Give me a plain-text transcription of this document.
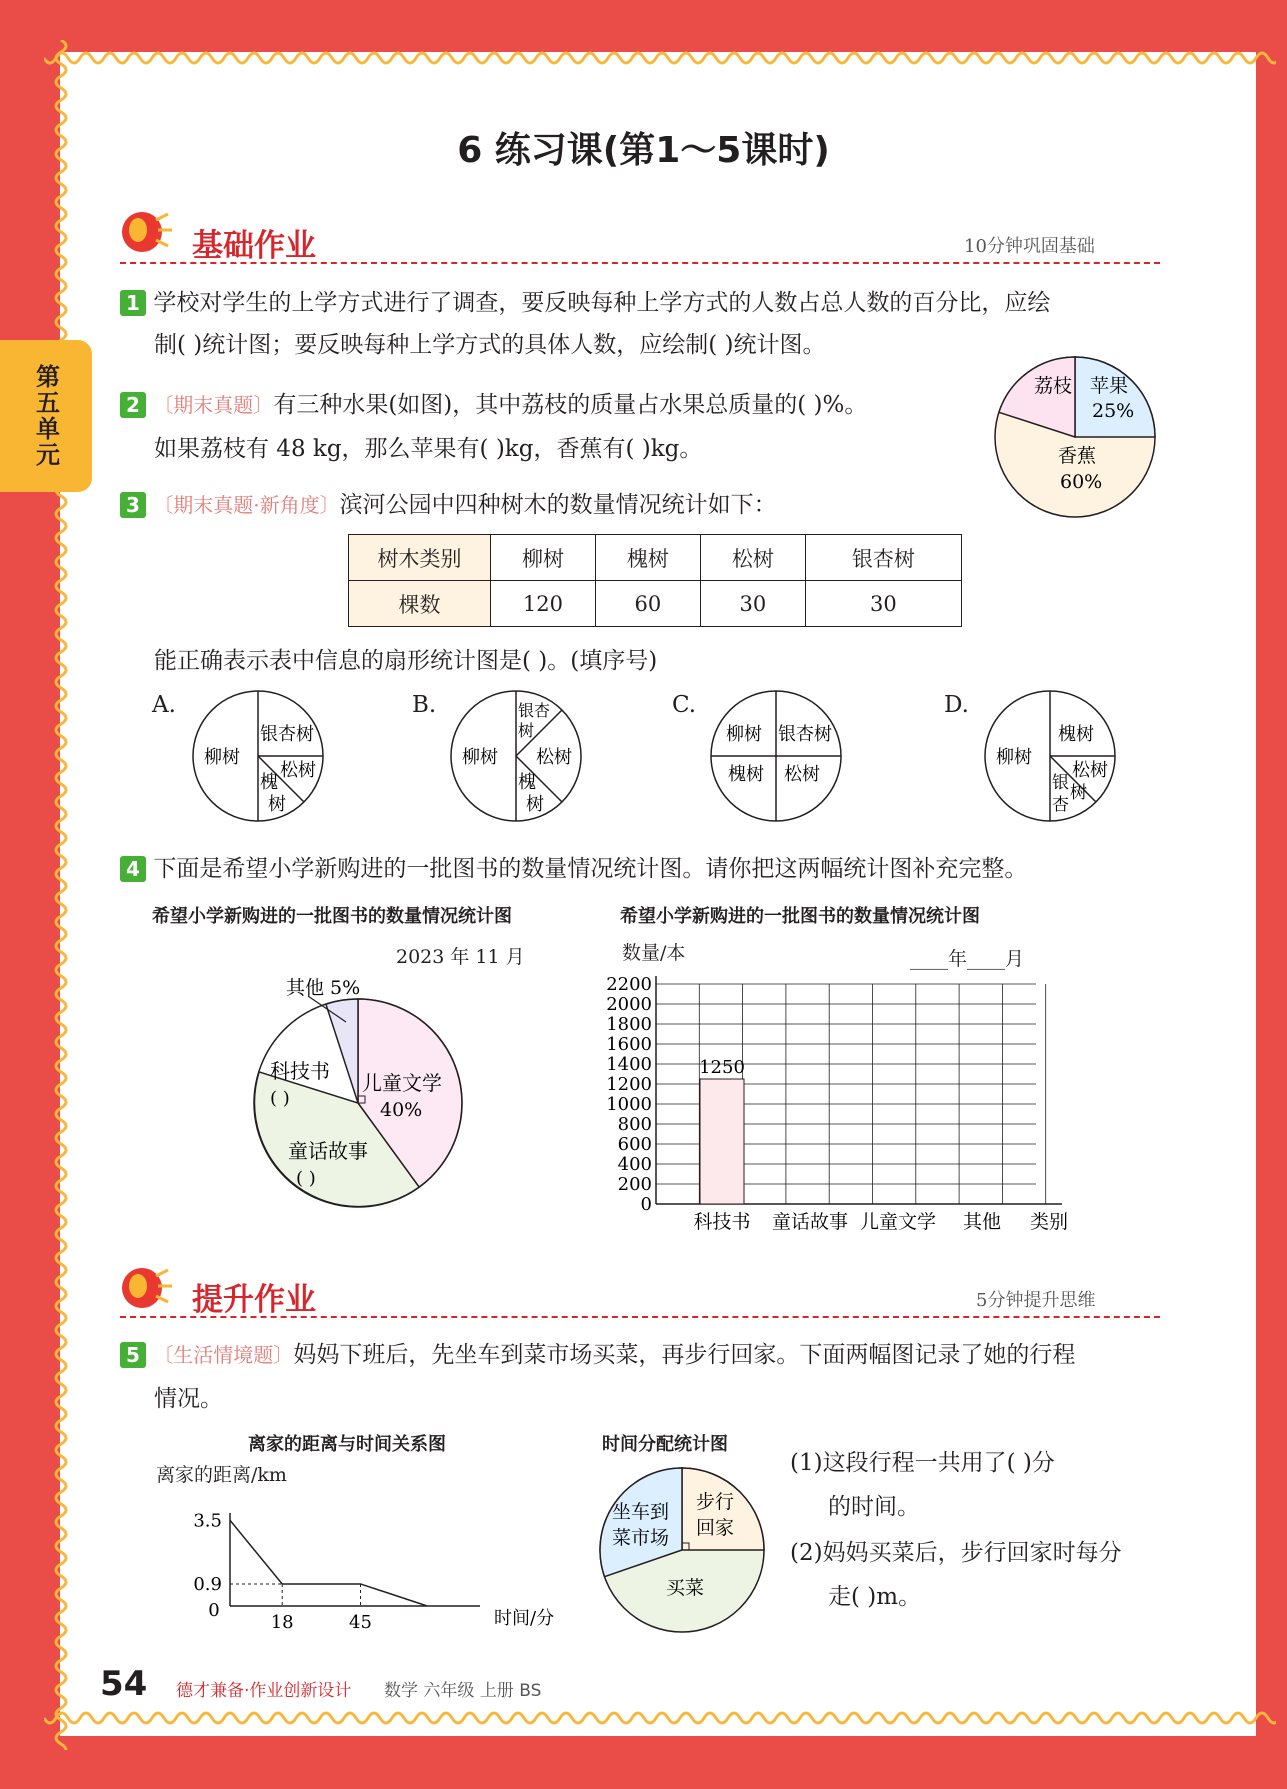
第五单元
6 练习课(第1～5课时)
基础作业	10分钟巩固基础
1 学校对学生的上学方式进行了调查，要反映每种上学方式的人数占总人数的百分比，应绘
制( )统计图；要反映每种上学方式的具体人数，应绘制( )统计图。
2 〔期末真题〕有三种水果(如图)，其中荔枝的质量占水果总质量的( )%。
如果荔枝有 48 kg，那么苹果有( )kg，香蕉有( )kg。
荔枝 苹果
25%
香蕉
60%
3 〔期末真题·新角度〕滨河公园中四种树木的数量情况统计如下：
树木类别	柳树	槐树	松树	银杏树
棵数	120	60	30	30
能正确表示表中信息的扇形统计图是( )。(填序号)
A.
柳树
银杏树
松树
槐
树
B.
柳树
银杏
树
松树
槐
树
C.
柳树 银杏树
槐树 松树
D.
柳树
槐树
松树
银
杏
树
4 下面是希望小学新购进的一批图书的数量情况统计图。请你把这两幅统计图补充完整。
希望小学新购进的一批图书的数量情况统计图	希望小学新购进的一批图书的数量情况统计图
2023 年 11 月
其他 5%
儿童文学
40%
科技书
( )
童话故事
( )
数量/本	____年____月
0
200
400
600
800
1000
1200
1400
1600
1800
2000
2200
1250
科技书 童话故事 儿童文学 其他 类别
提升作业	5分钟提升思维
5 〔生活情境题〕妈妈下班后，先坐车到菜市场买菜，再步行回家。下面两幅图记录了她的行程
情况。
离家的距离与时间关系图
离家的距离/km
3.5
0.9
0
18	45	时间/分
时间分配统计图
坐车到
菜市场
步行
回家
买菜
(1)这段行程一共用了( )分
的时间。
(2)妈妈买菜后，步行回家时每分
走( )m。
54 德才兼备·作业创新设计 数学 六年级 上册 BS
